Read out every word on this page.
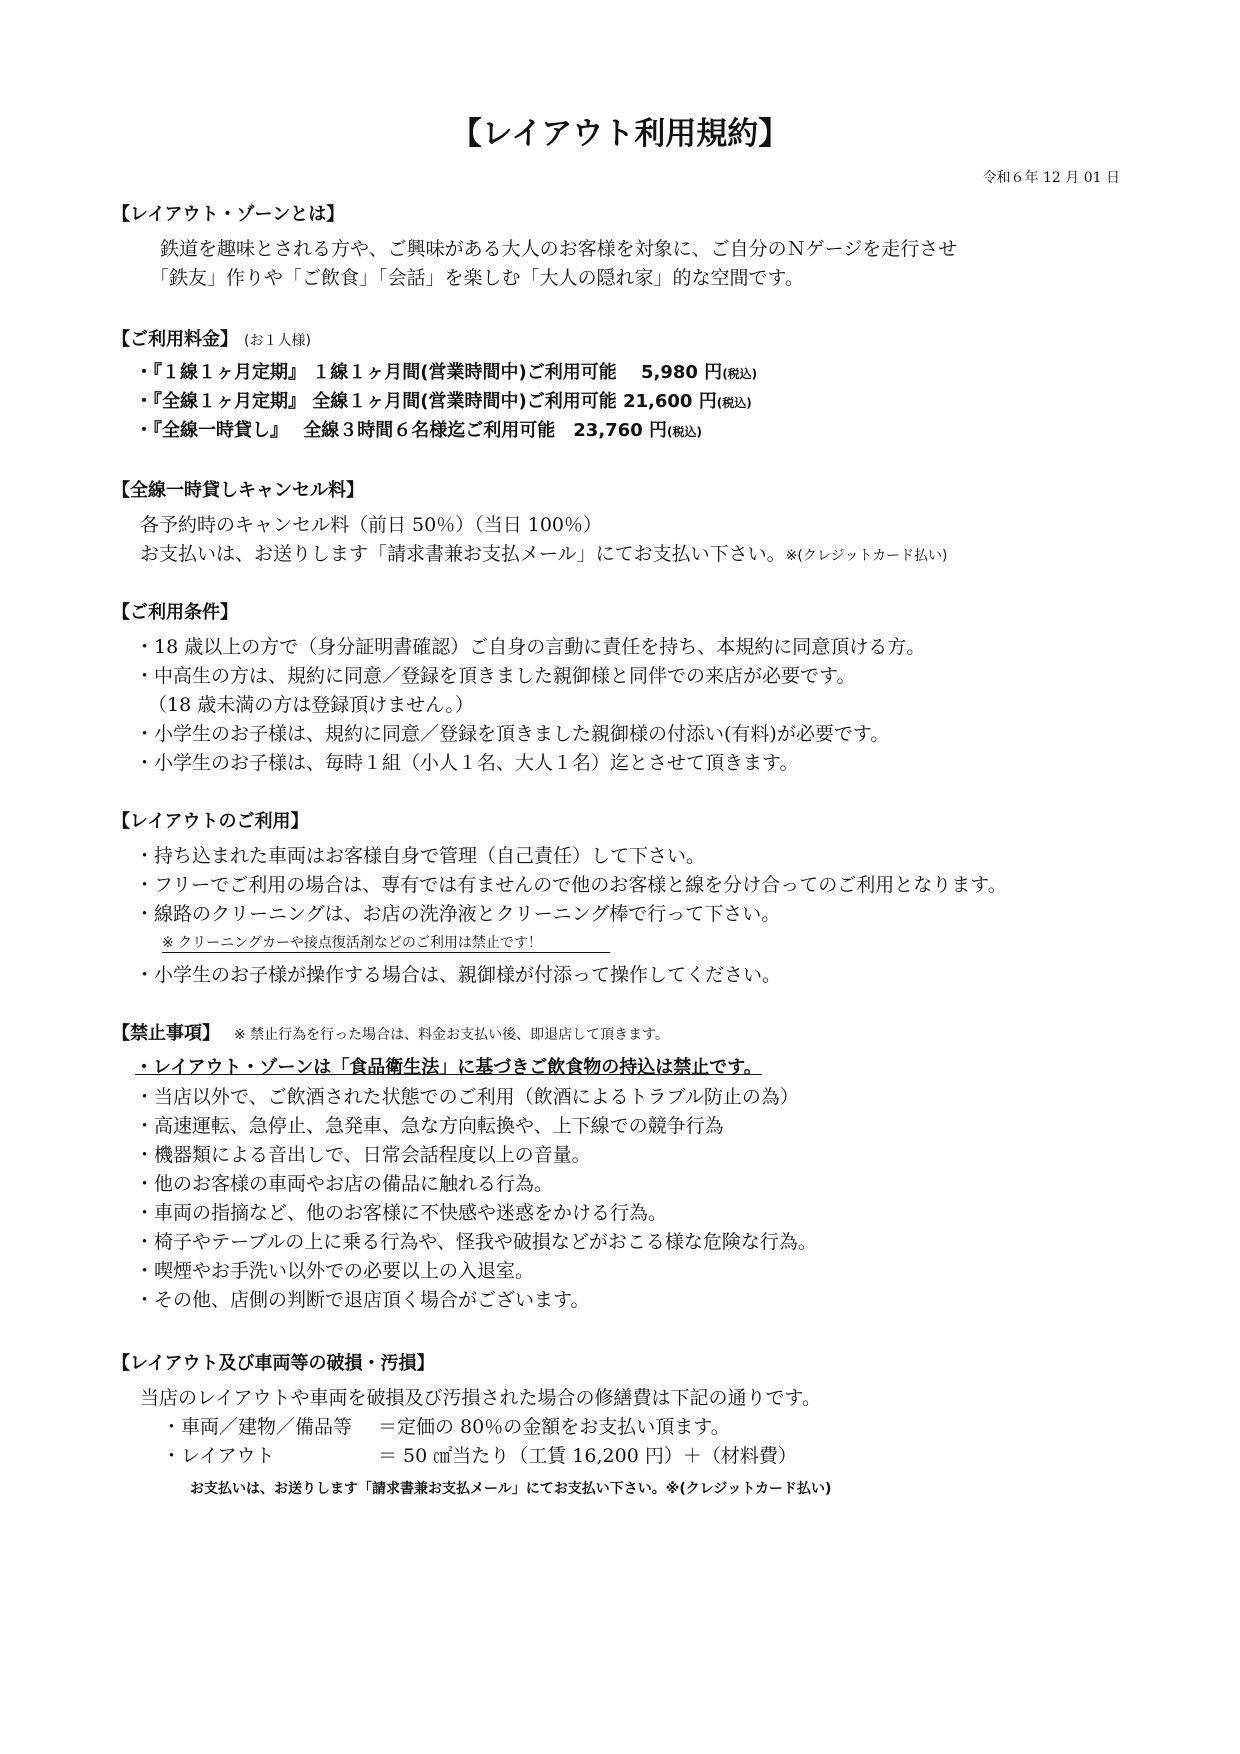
【レイアウト利用規約】
令和６年 12 月 01 日
【レイアウト・ゾーンとは】
鉄道を趣味とされる方や、ご興味がある大人のお客様を対象に、ご自分のＮゲージを走行させ
「鉄友」作りや「ご飲食」「会話」を楽しむ「大人の隠れ家」的な空間です。
【ご利用料金】 (お１人様)
・『１線１ヶ月定期』 １線１ヶ月間(営業時間中)ご利用可能　 5,980 円(税込)
・『全線１ヶ月定期』 全線１ヶ月間(営業時間中)ご利用可能 21,600 円(税込)
・『全線一時貸し』　 全線３時間６名様迄ご利用可能　23,760 円(税込)
【全線一時貸しキャンセル料】
各予約時のキャンセル料（前日 50％）（当日 100％）
お支払いは、お送りします「請求書兼お支払メール」にてお支払い下さい。※(クレジットカード払い)
【ご利用条件】
・18 歳以上の方で（身分証明書確認）ご自身の言動に責任を持ち、本規約に同意頂ける方。
・中高生の方は、規約に同意／登録を頂きました親御様と同伴での来店が必要です。
（18 歳未満の方は登録頂けません。）
・小学生のお子様は、規約に同意／登録を頂きました親御様の付添い(有料)が必要です。
・小学生のお子様は、毎時１組（小人１名、大人１名）迄とさせて頂きます。
【レイアウトのご利用】
・持ち込まれた車両はお客様自身で管理（自己責任）して下さい。
・フリーでご利用の場合は、専有では有ませんので他のお客様と線を分け合ってのご利用となります。
・線路のクリーニングは、お店の洗浄液とクリーニング棒で行って下さい。
※ クリーニングカーや接点復活剤などのご利用は禁止です！
・小学生のお子様が操作する場合は、親御様が付添って操作してください。
【禁止事項】 ※ 禁止行為を行った場合は、料金お支払い後、即退店して頂きます。
・レイアウト・ゾーンは「食品衛生法」に基づきご飲食物の持込は禁止です。
・当店以外で、ご飲酒された状態でのご利用（飲酒によるトラブル防止の為）
・高速運転、急停止、急発車、急な方向転換や、上下線での競争行為
・機器類による音出しで、日常会話程度以上の音量。
・他のお客様の車両やお店の備品に触れる行為。
・車両の指摘など、他のお客様に不快感や迷惑をかける行為。
・椅子やテーブルの上に乗る行為や、怪我や破損などがおこる様な危険な行為。
・喫煙やお手洗い以外での必要以上の入退室。
・その他、店側の判断で退店頂く場合がございます。
【レイアウト及び車両等の破損・汚損】
当店のレイアウトや車両を破損及び汚損された場合の修繕費は下記の通りです。
・車両／建物／備品等 ＝定価の 80％の金額をお支払い頂ます。
・レイアウト	＝ 50 ㎠当たり（工賃 16,200 円）＋（材料費）
お支払いは、お送りします「請求書兼お支払メール」にてお支払い下さい。※(クレジットカード払い)
